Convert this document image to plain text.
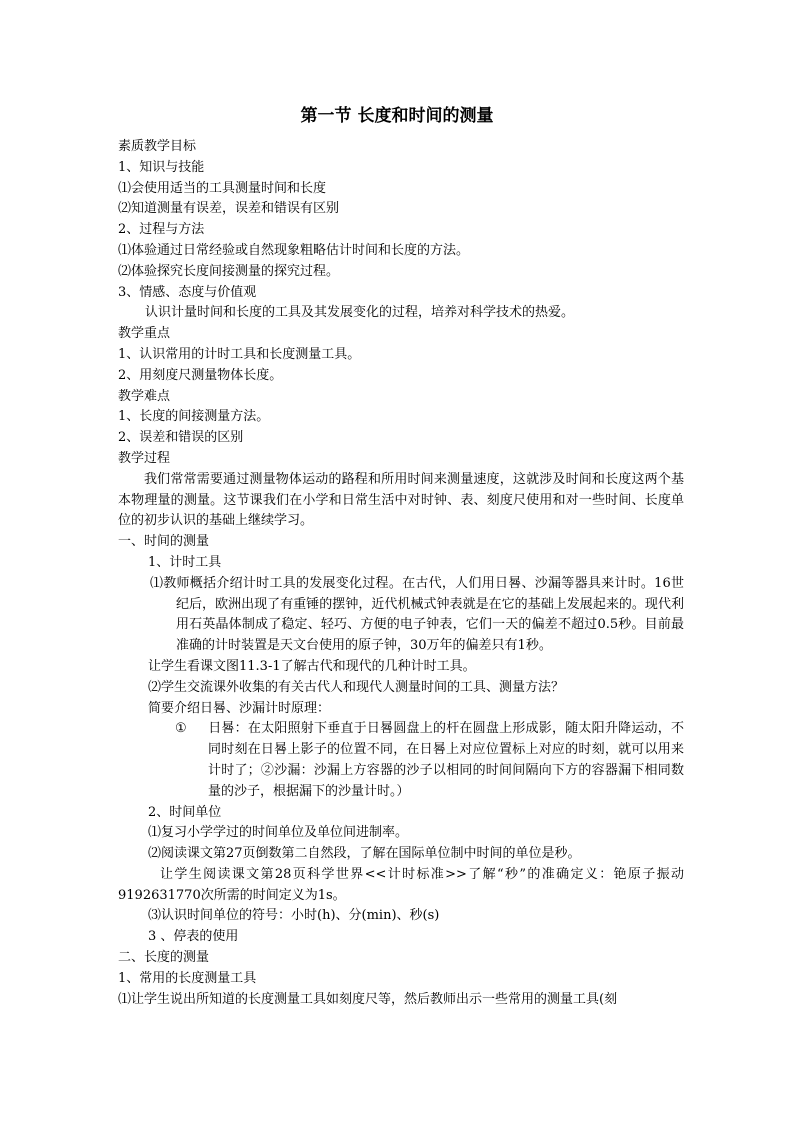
第一节 长度和时间的测量

素质教学目标

1、知识与技能

⑴会使用适当的工具测量时间和长度

⑵知道测量有误差，误差和错误有区别

2、过程与方法

⑴体验通过日常经验或自然现象粗略估计时间和长度的方法。

⑵体验探究长度间接测量的探究过程。

3、情感、态度与价值观

认识计量时间和长度的工具及其发展变化的过程，培养对科学技术的热爱。

教学重点

1、认识常用的计时工具和长度测量工具。

2、用刻度尺测量物体长度。

教学难点

1、长度的间接测量方法。

2、误差和错误的区别

教学过程

我们常常需要通过测量物体运动的路程和所用时间来测量速度，这就涉及时间和长度这两个基本物理量的测量。这节课我们在小学和日常生活中对时钟、表、刻度尺使用和对一些时间、长度单位的初步认识的基础上继续学习。

一、时间的测量

1、计时工具

⑴教师概括介绍计时工具的发展变化过程。在古代，人们用日晷、沙漏等器具来计时。16世纪后，欧洲出现了有重锤的摆钟，近代机械式钟表就是在它的基础上发展起来的。现代利用石英晶体制成了稳定、轻巧、方便的电子钟表，它们一天的偏差不超过0.5秒。目前最准确的计时装置是天文台使用的原子钟，30万年的偏差只有1秒。

让学生看课文图11.3-1了解古代和现代的几种计时工具。

⑵学生交流课外收集的有关古代人和现代人测量时间的工具、测量方法？

简要介绍日晷、沙漏计时原理：

① 日晷：在太阳照射下垂直于日晷圆盘上的杆在圆盘上形成影，随太阳升降运动，不同时刻在日晷上影子的位置不同，在日晷上对应位置标上对应的时刻，就可以用来计时了；②沙漏：沙漏上方容器的沙子以相同的时间间隔向下方的容器漏下相同数量的沙子，根据漏下的沙量计时。）

2、时间单位

⑴复习小学学过的时间单位及单位间进制率。

⑵阅读课文第27页倒数第二自然段，了解在国际单位制中时间的单位是秒。

让学生阅读课文第28页科学世界<<计时标准>>了解“秒”的准确定义：铯原子振动9192631770次所需的时间定义为1s。

⑶认识时间单位的符号：小时(h)、分(min)、秒(s)

3 、停表的使用

二、长度的测量

1、常用的长度测量工具

⑴让学生说出所知道的长度测量工具如刻度尺等，然后教师出示一些常用的测量工具(刻
